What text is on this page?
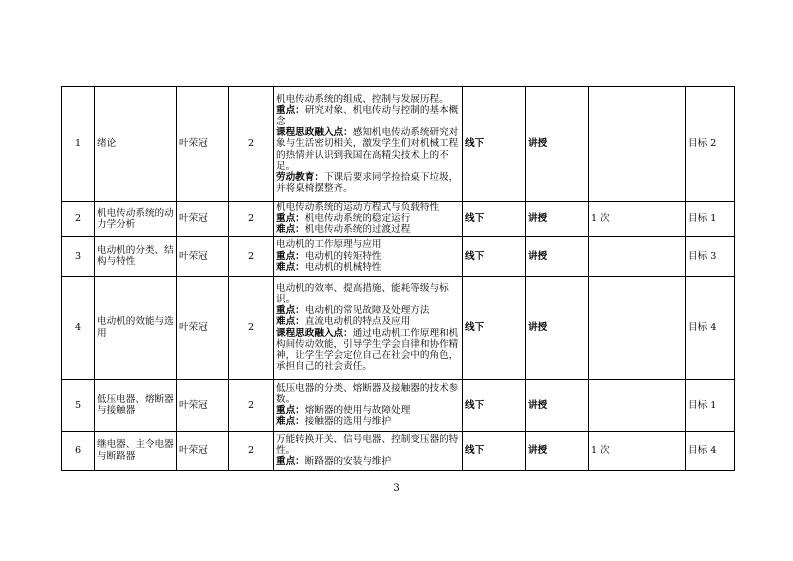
1	绪论	叶荣冠	2	机电传动系统的组成、控制与发展历程。
重点：研究对象、机电传动与控制的基本概念
课程思政融入点：感知机电传动系统研究对象与生活密切相关，激发学生们对机械工程的热情并认识到我国在高精尖技术上的不足。
劳动教育：下课后要求同学捡拾桌下垃圾，并将桌椅摆整齐。	线下	讲授		目标 2
2	机电传动系统的动力学分析	叶荣冠	2	机电传动系统的运动方程式与负载特性
重点：机电传动系统的稳定运行
难点：机电传动系统的过渡过程	线下	讲授	1 次	目标 1
3	电动机的分类、结构与特性	叶荣冠	2	电动机的工作原理与应用
重点：电动机的转矩特性
难点：电动机的机械特性	线下	讲授		目标 3
4	电动机的效能与选用	叶荣冠	2	电动机的效率、提高措施、能耗等级与标识。
重点：电动机的常见故障及处理方法
难点：直流电动机的特点及应用
课程思政融入点：通过电动机工作原理和机构间传动效能，引导学生学会自律和协作精神，让学生学会定位自己在社会中的角色，承担自己的社会责任。	线下	讲授		目标 4
5	低压电器、熔断器与接触器	叶荣冠	2	低压电器的分类、熔断器及接触器的技术参数。
重点：熔断器的使用与故障处理
难点：接触器的选用与维护	线下	讲授		目标 1
6	继电器、主令电器与断路器	叶荣冠	2	万能转换开关、信号电器、控制变压器的特性。
重点：断路器的安装与维护	线下	讲授	1 次	目标 4
3
